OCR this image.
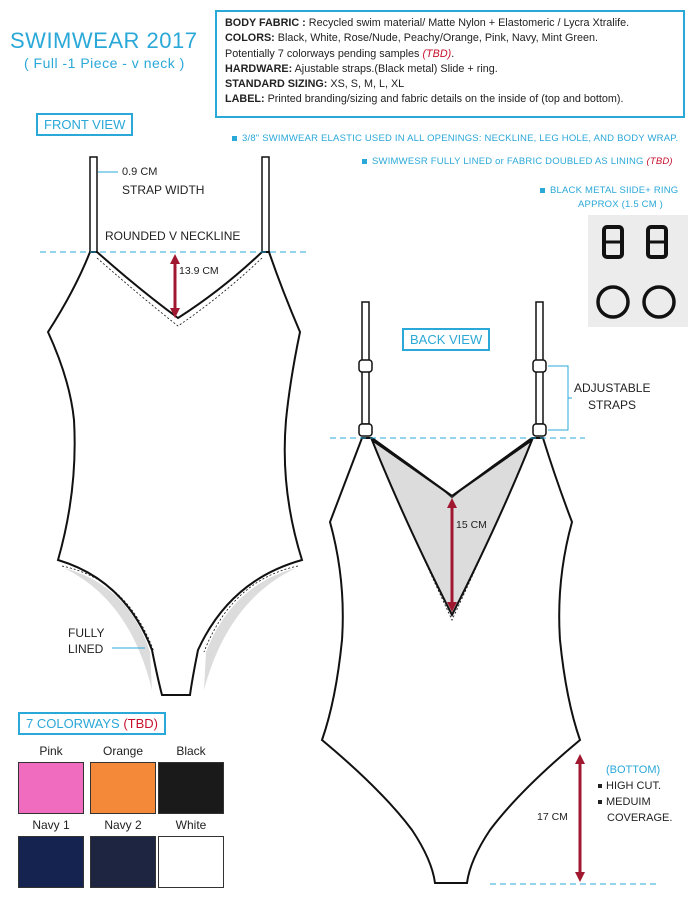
SWIMWEAR 2017
( Full -1 Piece - v neck )
BODY FABRIC : Recycled swim material/ Matte Nylon + Elastomeric / Lycra Xtralife.
COLORS: Black, White, Rose/Nude, Peachy/Orange, Pink, Navy, Mint Green.
Potentially 7 colorways pending samples (TBD).
HARDWARE: Ajustable straps.(Black metal) Slide + ring.
STANDARD SIZING: XS, S, M, L, XL
LABEL: Printed branding/sizing and fabric details on the inside of (top and bottom).
3/8" SWIMWEAR ELASTIC USED IN ALL OPENINGS: NECKLINE, LEG HOLE, AND BODY WRAP.
SWIMWESR FULLY LINED or FABRIC DOUBLED AS LINING (TBD)
BLACK METAL SIIDE+ RING
APPROX (1.5 CM )
FRONT VIEW
BACK VIEW
0.9 CM
STRAP WIDTH
ROUNDED V NECKLINE
13.9 CM
FULLY
LINED
ADJUSTABLE
STRAPS
15 CM
17 CM
(BOTTOM)
HIGH CUT.
MEDUIM
COVERAGE.
7 COLORWAYS (TBD)
Pink	Orange	Black
Navy 1	Navy 2	White
